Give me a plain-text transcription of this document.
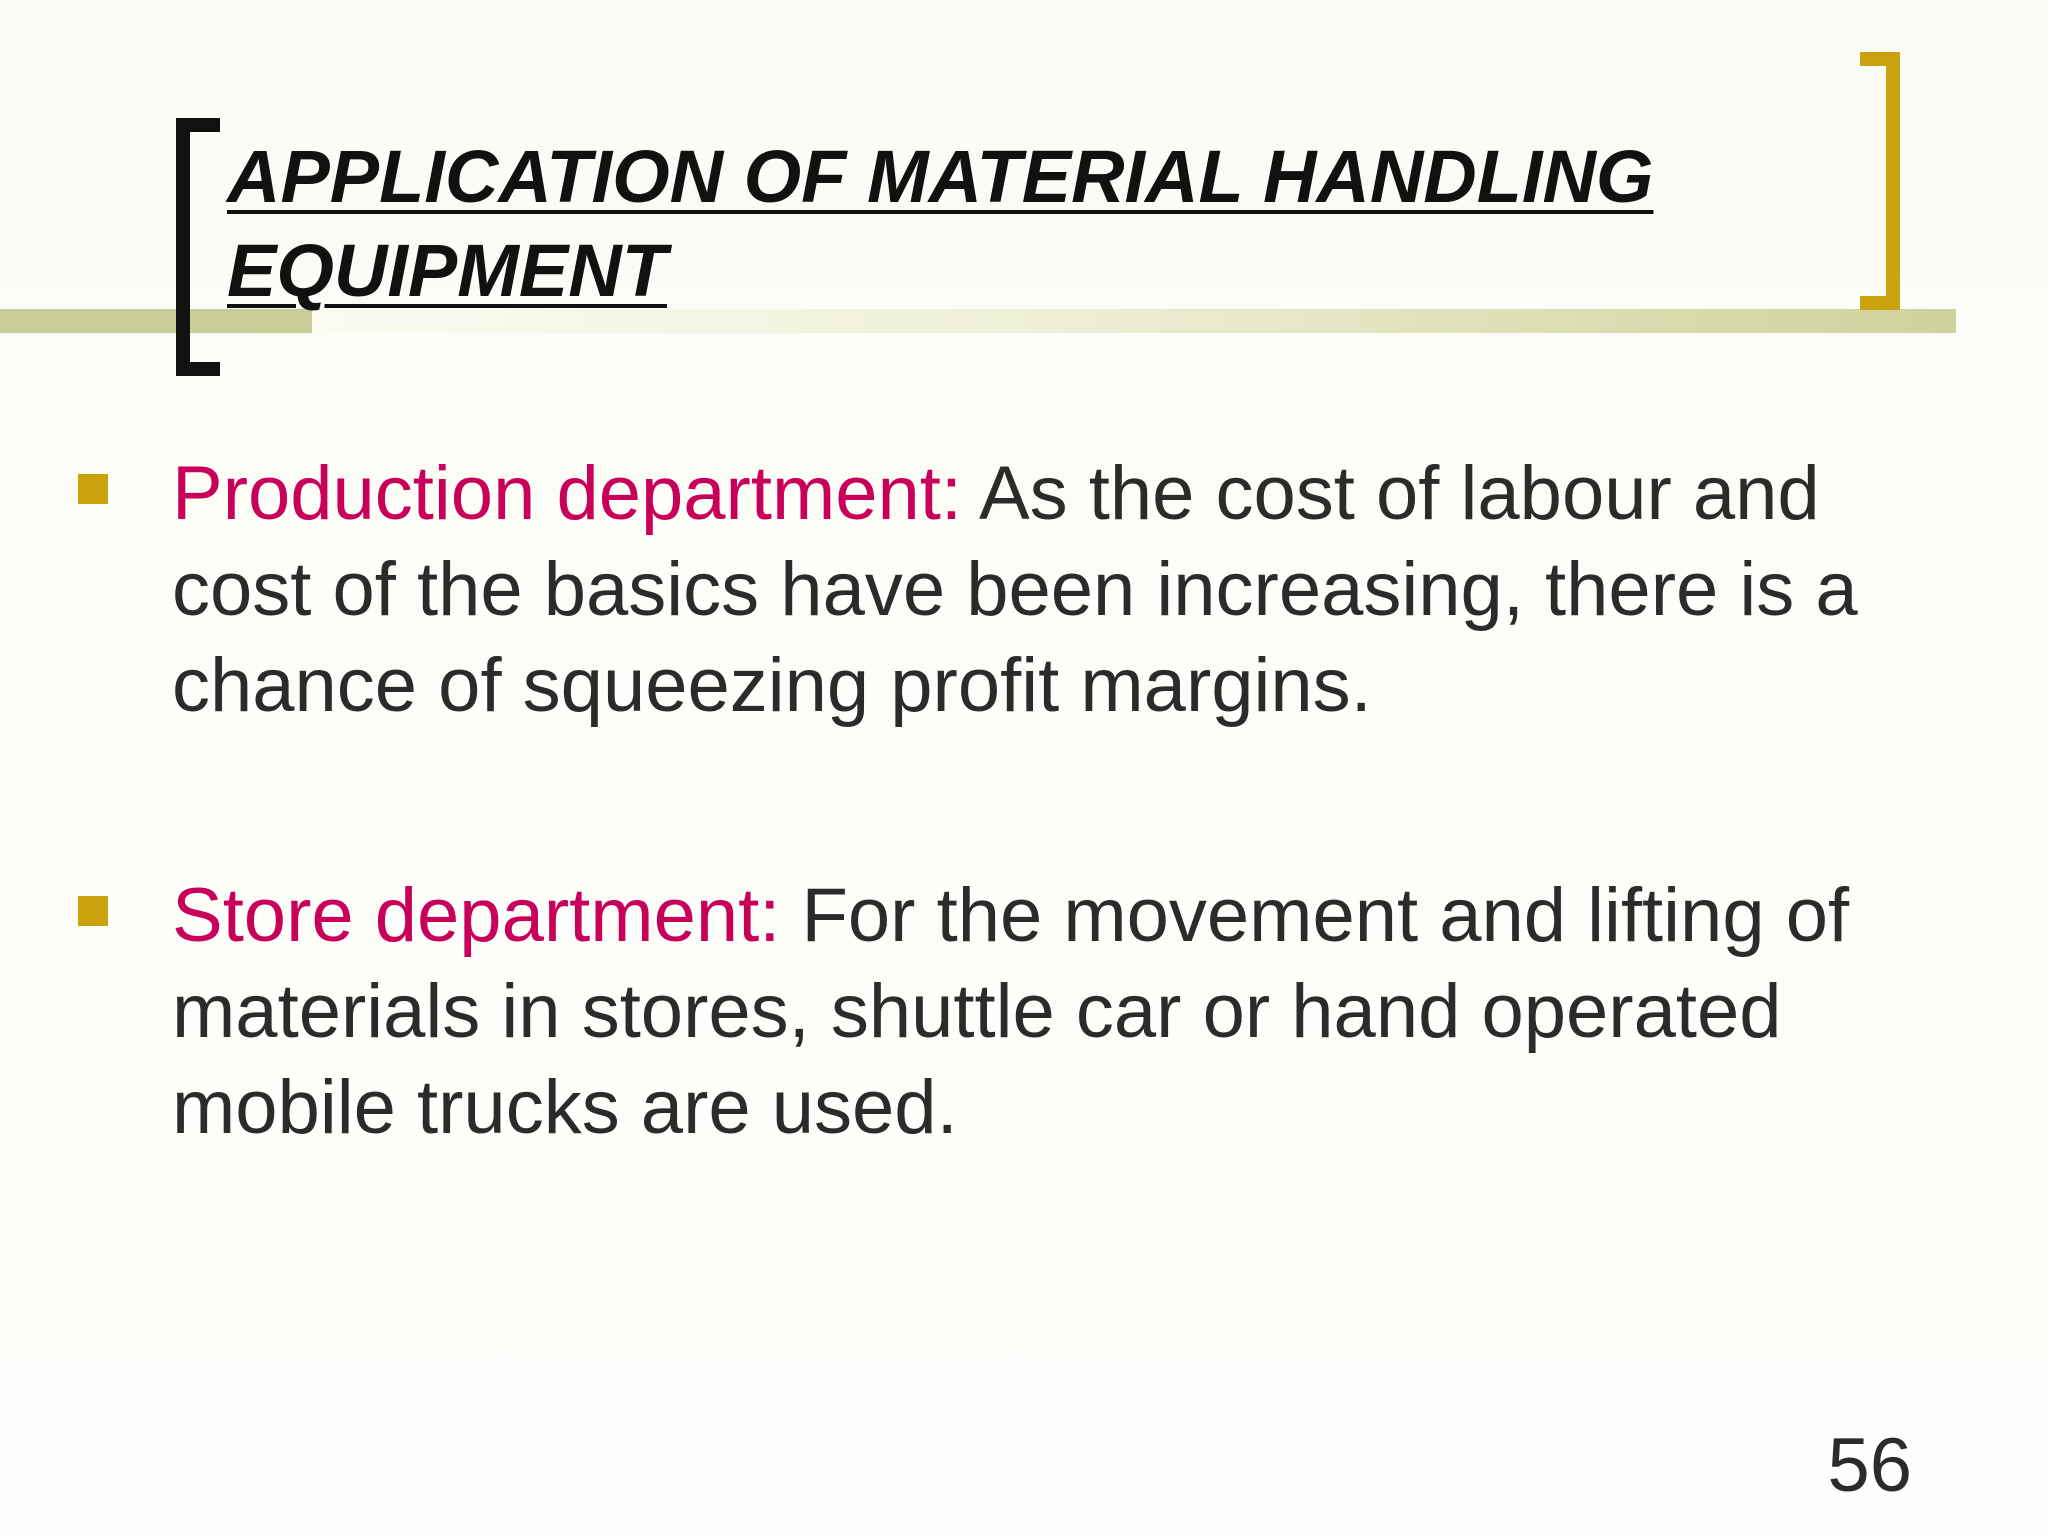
APPLICATION OF MATERIAL HANDLING EQUIPMENT

Production department: As the cost of labour and cost of the basics have been increasing, there is a chance of squeezing profit margins.

Store department: For the movement and lifting of materials in stores, shuttle car or hand operated mobile trucks are used.

56
